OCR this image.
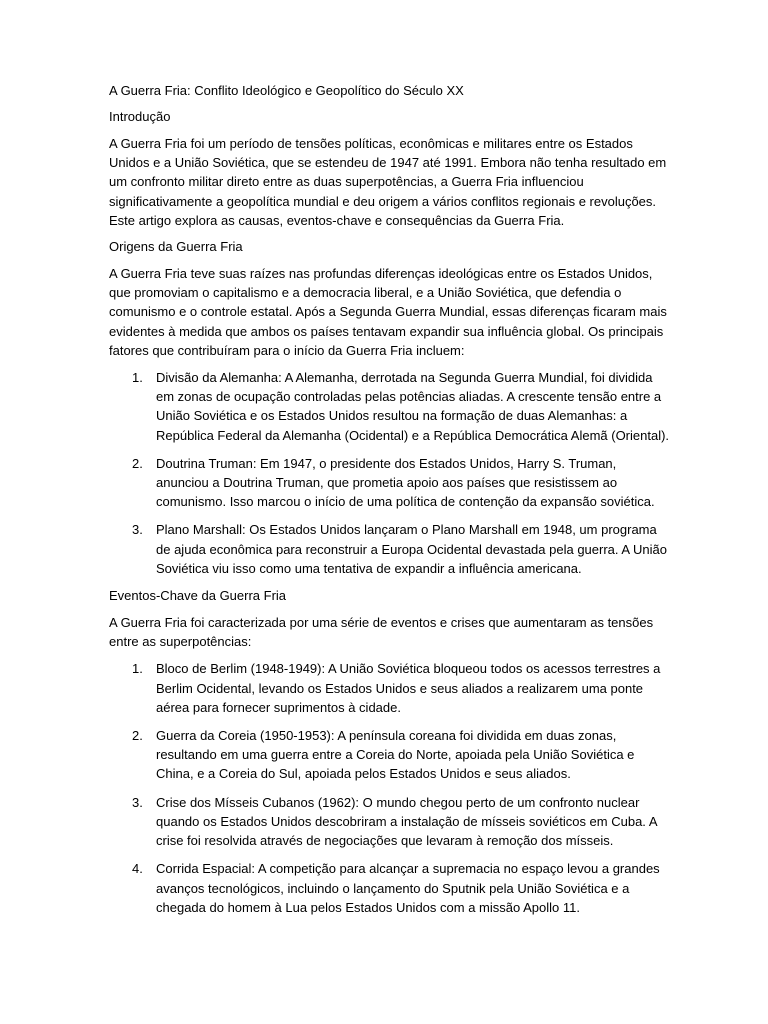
A Guerra Fria: Conflito Ideológico e Geopolítico do Século XX

Introdução

A Guerra Fria foi um período de tensões políticas, econômicas e militares entre os Estados Unidos e a União Soviética, que se estendeu de 1947 até 1991. Embora não tenha resultado em um confronto militar direto entre as duas superpotências, a Guerra Fria influenciou significativamente a geopolítica mundial e deu origem a vários conflitos regionais e revoluções. Este artigo explora as causas, eventos-chave e consequências da Guerra Fria.

Origens da Guerra Fria

A Guerra Fria teve suas raízes nas profundas diferenças ideológicas entre os Estados Unidos, que promoviam o capitalismo e a democracia liberal, e a União Soviética, que defendia o comunismo e o controle estatal. Após a Segunda Guerra Mundial, essas diferenças ficaram mais evidentes à medida que ambos os países tentavam expandir sua influência global. Os principais fatores que contribuíram para o início da Guerra Fria incluem:

1. Divisão da Alemanha: A Alemanha, derrotada na Segunda Guerra Mundial, foi dividida em zonas de ocupação controladas pelas potências aliadas. A crescente tensão entre a União Soviética e os Estados Unidos resultou na formação de duas Alemanhas: a República Federal da Alemanha (Ocidental) e a República Democrática Alemã (Oriental).
2. Doutrina Truman: Em 1947, o presidente dos Estados Unidos, Harry S. Truman, anunciou a Doutrina Truman, que prometia apoio aos países que resistissem ao comunismo. Isso marcou o início de uma política de contenção da expansão soviética.
3. Plano Marshall: Os Estados Unidos lançaram o Plano Marshall em 1948, um programa de ajuda econômica para reconstruir a Europa Ocidental devastada pela guerra. A União Soviética viu isso como uma tentativa de expandir a influência americana.

Eventos-Chave da Guerra Fria

A Guerra Fria foi caracterizada por uma série de eventos e crises que aumentaram as tensões entre as superpotências:

1. Bloco de Berlim (1948-1949): A União Soviética bloqueou todos os acessos terrestres a Berlim Ocidental, levando os Estados Unidos e seus aliados a realizarem uma ponte aérea para fornecer suprimentos à cidade.
2. Guerra da Coreia (1950-1953): A península coreana foi dividida em duas zonas, resultando em uma guerra entre a Coreia do Norte, apoiada pela União Soviética e China, e a Coreia do Sul, apoiada pelos Estados Unidos e seus aliados.
3. Crise dos Mísseis Cubanos (1962): O mundo chegou perto de um confronto nuclear quando os Estados Unidos descobriram a instalação de mísseis soviéticos em Cuba. A crise foi resolvida através de negociações que levaram à remoção dos mísseis.
4. Corrida Espacial: A competição para alcançar a supremacia no espaço levou a grandes avanços tecnológicos, incluindo o lançamento do Sputnik pela União Soviética e a chegada do homem à Lua pelos Estados Unidos com a missão Apollo 11.
